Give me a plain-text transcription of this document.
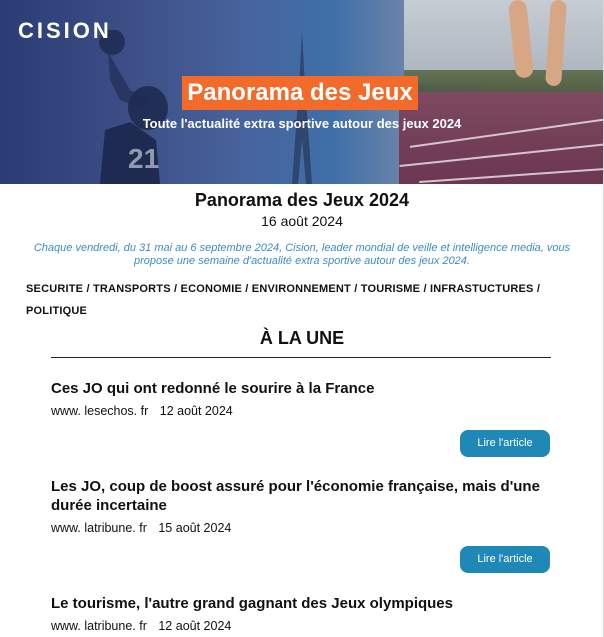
21
CISION
Panorama des Jeux
Toute l'actualité extra sportive autour des jeux 2024
Panorama des Jeux 2024
16 août 2024
Chaque vendredi, du 31 mai au 6 septembre 2024, Cision, leader mondial de veille et intelligence media, vous propose une semaine d'actualité extra sportive autour des jeux 2024.
SECURITE / TRANSPORTS / ECONOMIE / ENVIRONNEMENT / TOURISME / INFRASTUCTURES / POLITIQUE
À LA UNE
Ces JO qui ont redonné le sourire à la France
www. lesechos. fr 12 août 2024
Lire l'article
Les JO, coup de boost assuré pour l'économie française, mais d'une durée incertaine
www. latribune. fr 15 août 2024
Lire l'article
Le tourisme, l'autre grand gagnant des Jeux olympiques
www. latribune. fr 12 août 2024
